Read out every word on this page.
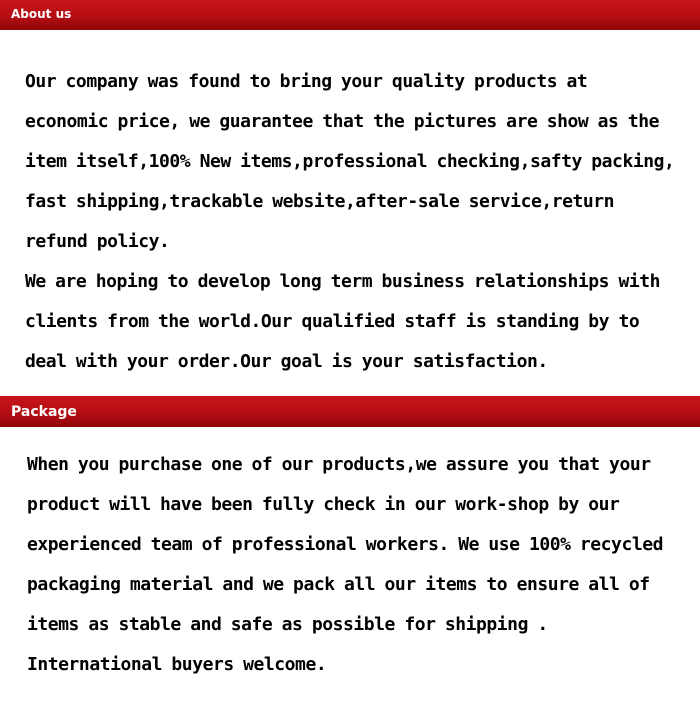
About us
Our company was found to bring your quality products at
economic price, we guarantee that the pictures are show as the
item itself,100% New items,professional checking,safty packing,
fast shipping,trackable website,after-sale service,return
refund policy.
We are hoping to develop long term business relationships with
clients from the world.Our qualified staff is standing by to
deal with your order.Our goal is your satisfaction.
Package
When you purchase one of our products,we assure you that your
product will have been fully check in our work-shop by our
experienced team of professional workers. We use 100% recycled
packaging material and we pack all our items to ensure all of
items as stable and safe as possible for shipping .
International buyers welcome.
